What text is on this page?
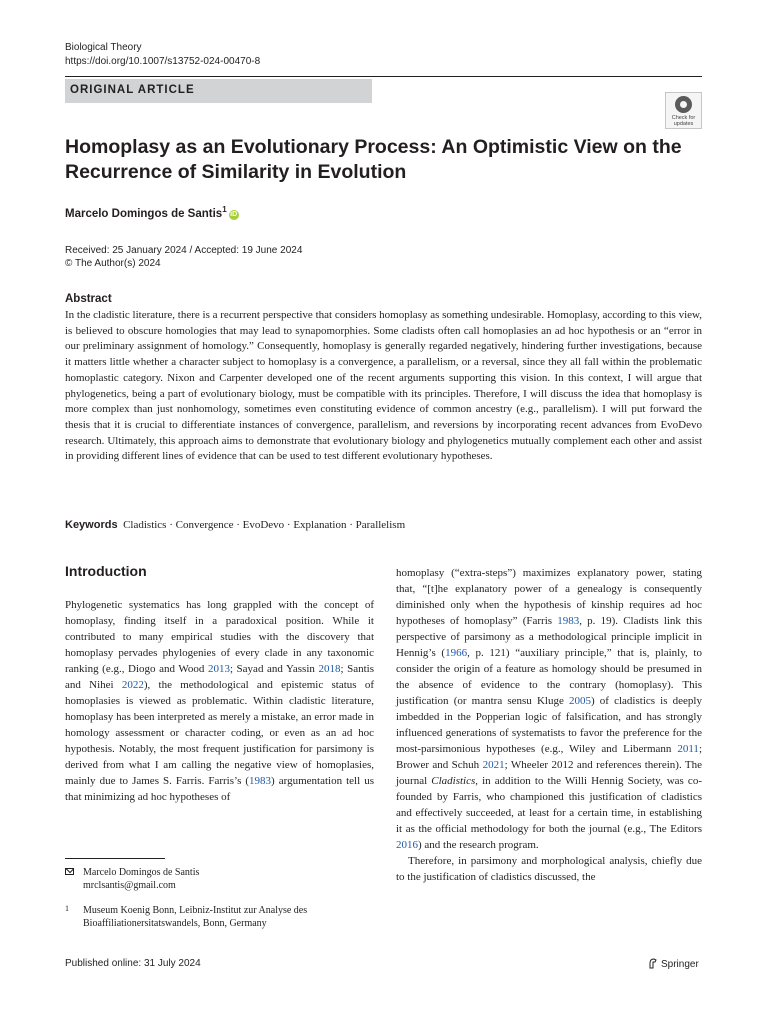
Biological Theory
https://doi.org/10.1007/s13752-024-00470-8
ORIGINAL ARTICLE
Check for updates
Homoplasy as an Evolutionary Process: An Optimistic View on the Recurrence of Similarity in Evolution
Marcelo Domingos de Santis$^1$iD
Received: 25 January 2024 / Accepted: 19 June 2024
© The Author(s) 2024
Abstract
In the cladistic literature, there is a recurrent perspective that considers homoplasy as something undesirable. Homoplasy, according to this view, is believed to obscure homologies that may lead to synapomorphies. Some cladists often call homoplasies an ad hoc hypothesis or an “error in our preliminary assignment of homology.” Consequently, homoplasy is generally regarded negatively, hindering further investigations, because it matters little whether a character subject to homoplasy is a convergence, a parallelism, or a reversal, since they all fall within the problematic homoplastic category. Nixon and Carpenter developed one of the recent arguments supporting this vision. In this context, I will argue that phylogenetics, being a part of evolutionary biology, must be compatible with its principles. Therefore, I will discuss the idea that homoplasy is more complex than just nonhomology, sometimes even constituting evidence of common ancestry (e.g., parallelism). I will put forward the thesis that it is crucial to differentiate instances of convergence, parallelism, and reversions by incorporating recent advances from EvoDevo research. Ultimately, this approach aims to demonstrate that evolutionary biology and phylogenetics mutually complement each other and assist in providing different lines of evidence that can be used to test different evolutionary hypotheses.
Keywords Cladistics · Convergence · EvoDevo · Explanation · Parallelism
Introduction

Phylogenetic systematics has long grappled with the concept of homoplasy, finding itself in a paradoxical position. While it contributed to many empirical studies with the discovery that homoplasy pervades phylogenies of every clade in any taxonomic ranking (e.g., Diogo and Wood 2013; Sayad and Yassin 2018; Santis and Nihei 2022), the methodological and epistemic status of homoplasies is viewed as problematic. Within cladistic literature, homoplasy has been interpreted as merely a mistake, an error made in homology assessment or character coding, or even as an ad hoc hypothesis. Notably, the most frequent justification for parsimony is derived from what I am calling the negative view of homoplasies, mainly due to James S. Farris. Farris’s (1983) argumentation tell us that minimizing ad hoc hypotheses of

homoplasy (“extra-steps”) maximizes explanatory power, stating that, “[t]he explanatory power of a genealogy is consequently diminished only when the hypothesis of kinship requires ad hoc hypotheses of homoplasy” (Farris 1983, p. 19). Cladists link this perspective of parsimony as a methodological principle implicit in Hennig’s (1966, p. 121) “auxiliary principle,” that is, plainly, to consider the origin of a feature as homology should be presumed in the absence of evidence to the contrary (homoplasy). This justification (or mantra sensu Kluge 2005) of cladistics is deeply imbedded in the Popperian logic of falsification, and has strongly influenced generations of systematists to favor the preference for the most-parsimonious hypotheses (e.g., Wiley and Libermann 2011; Brower and Schuh 2021; Wheeler 2012 and references therein). The journal Cladistics, in addition to the Willi Hennig Society, was co-founded by Farris, who championed this justification of cladistics and effectively succeeded, at least for a certain time, in establishing it as the official methodology for both the journal (e.g., The Editors 2016) and the research program.

Therefore, in parsimony and morphological analysis, chiefly due to the justification of cladistics discussed, the

Marcelo Domingos de Santis
mrclsantis@gmail.com
1 Museum Koenig Bonn, Leibniz-Institut zur Analyse des Bioaffiliationersitatswandels, Bonn, Germany
Published online: 31 July 2024	Springer
